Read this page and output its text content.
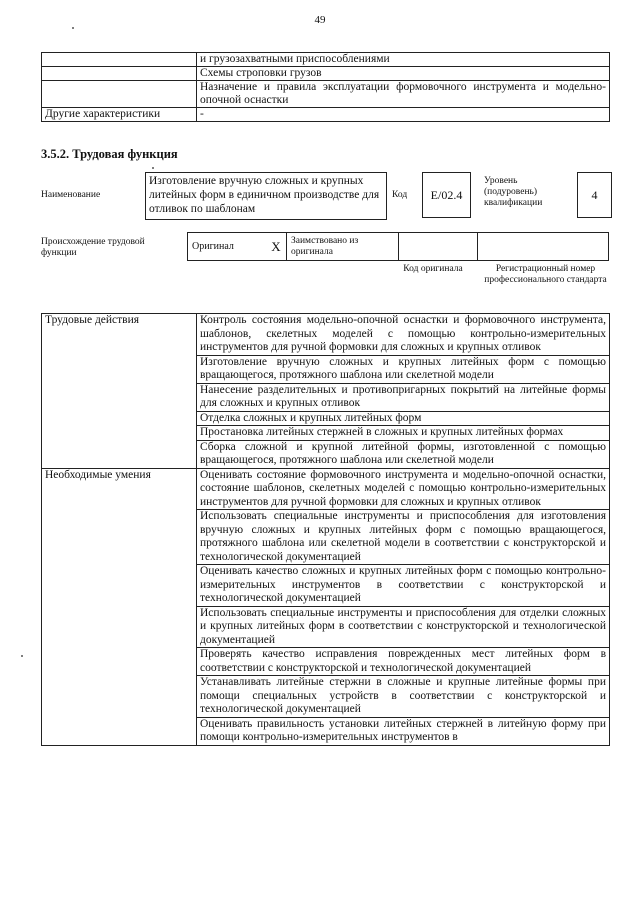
49
	и грузозахватными приспособлениями
	Схемы строповки грузов
	Назначение и правила эксплуатации формовочного инструмента и модельно-опочной оснастки
Другие характеристики	-
3.5.2. Трудовая функция
Наименование
Изготовление вручную сложных и крупных литейных форм в единичном производстве для отливок по шаблонам
Код	E/02.4
Уровень (подуровень) квалификации
4
Происхождение трудовой функции
Оригинал	X	Заимствовано из оригинала		
Код оригинала	Регистрационный номер профессионального стандарта
Трудовые действия	Контроль состояния модельно-опочной оснастки и формовочного инструмента, шаблонов, скелетных моделей с помощью контрольно-измерительных инструментов для ручной формовки для сложных и крупных отливок
	Изготовление вручную сложных и крупных литейных форм с помощью вращающегося, протяжного шаблона или скелетной модели
	Нанесение разделительных и противопригарных покрытий на литейные формы для сложных и крупных отливок
	Отделка сложных и крупных литейных форм
	Простановка литейных стержней в сложных и крупных литейных формах
	Сборка сложной и крупной литейной формы, изготовленной с помощью вращающегося, протяжного шаблона или скелетной модели
Необходимые умения	Оценивать состояние формовочного инструмента и модельно-опочной оснастки, состояние шаблонов, скелетных моделей с помощью контрольно-измерительных инструментов для ручной формовки для сложных и крупных отливок
	Использовать специальные инструменты и приспособления для изготовления вручную сложных и крупных литейных форм с помощью вращающегося, протяжного шаблона или скелетной модели в соответствии с конструкторской и технологической документацией
	Оценивать качество сложных и крупных литейных форм с помощью контрольно-измерительных инструментов в соответствии с конструкторской и технологической документацией
	Использовать специальные инструменты и приспособления для отделки сложных и крупных литейных форм в соответствии с конструкторской и технологической документацией
	Проверять качество исправления поврежденных мест литейных форм в соответствии с конструкторской и технологической документацией
	Устанавливать литейные стержни в сложные и крупные литейные формы при помощи специальных устройств в соответствии с конструкторской и технологической документацией
	Оценивать правильность установки литейных стержней в литейную форму при помощи контрольно-измерительных инструментов в
